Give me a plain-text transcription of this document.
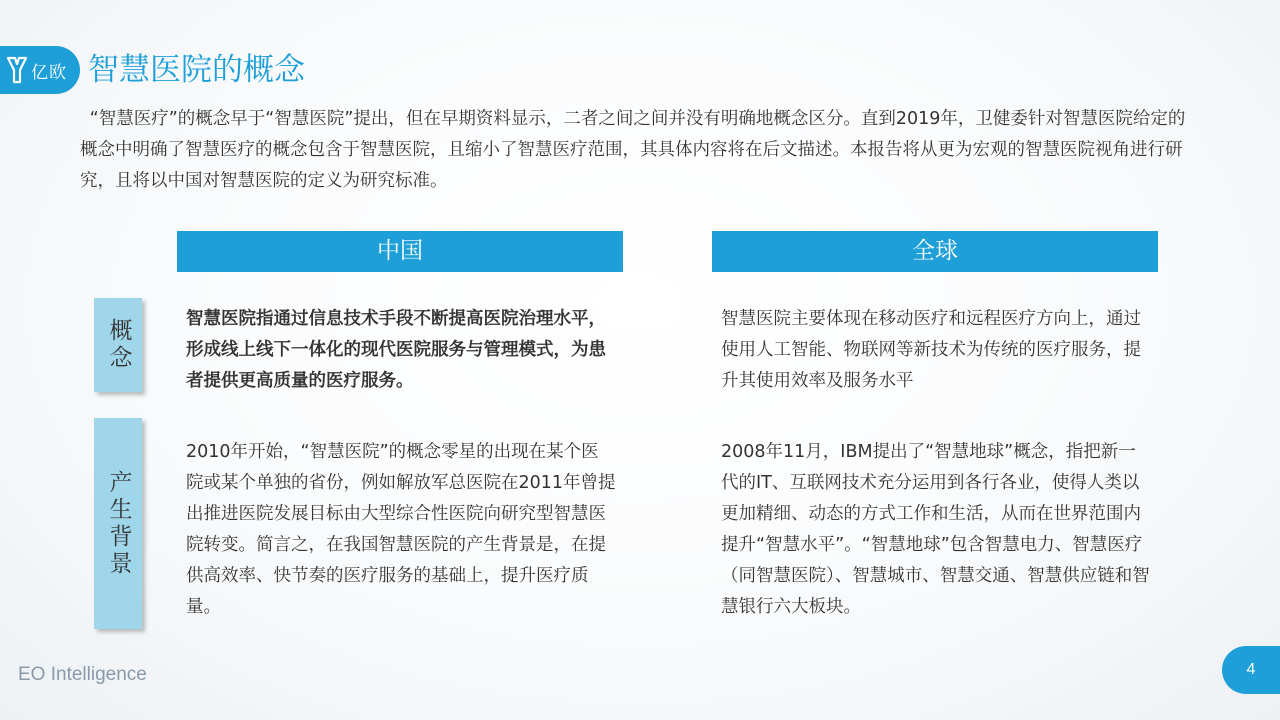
亿欧 智慧医院的概念

“智慧医疗”的概念早于“智慧医院”提出，但在早期资料显示，二者之间之间并没有明确地概念区分。直到2019年，卫健委针对智慧医院给定的概念中明确了智慧医疗的概念包含于智慧医院，且缩小了智慧医疗范围，其具体内容将在后文描述。本报告将从更为宏观的智慧医院视角进行研究，且将以中国对智慧医院的定义为研究标准。

中国	全球
概念
产生背景

智慧医院指通过信息技术手段不断提高医院治理水平，形成线上线下一体化的现代医院服务与管理模式，为患者提供更高质量的医疗服务。

智慧医院主要体现在移动医疗和远程医疗方向上，通过使用人工智能、物联网等新技术为传统的医疗服务，提升其使用效率及服务水平

2010年开始，“智慧医院”的概念零星的出现在某个医院或某个单独的省份，例如解放军总医院在2011年曾提出推进医院发展目标由大型综合性医院向研究型智慧医院转变。简言之，在我国智慧医院的产生背景是，在提供高效率、快节奏的医疗服务的基础上，提升医疗质量。

2008年11月，IBM提出了“智慧地球”概念，指把新一代的IT、互联网技术充分运用到各行各业，使得人类以更加精细、动态的方式工作和生活，从而在世界范围内提升“智慧水平”。“智慧地球”包含智慧电力、智慧医疗（同智慧医院）、智慧城市、智慧交通、智慧供应链和智慧银行六大板块。

EO Intelligence	4
